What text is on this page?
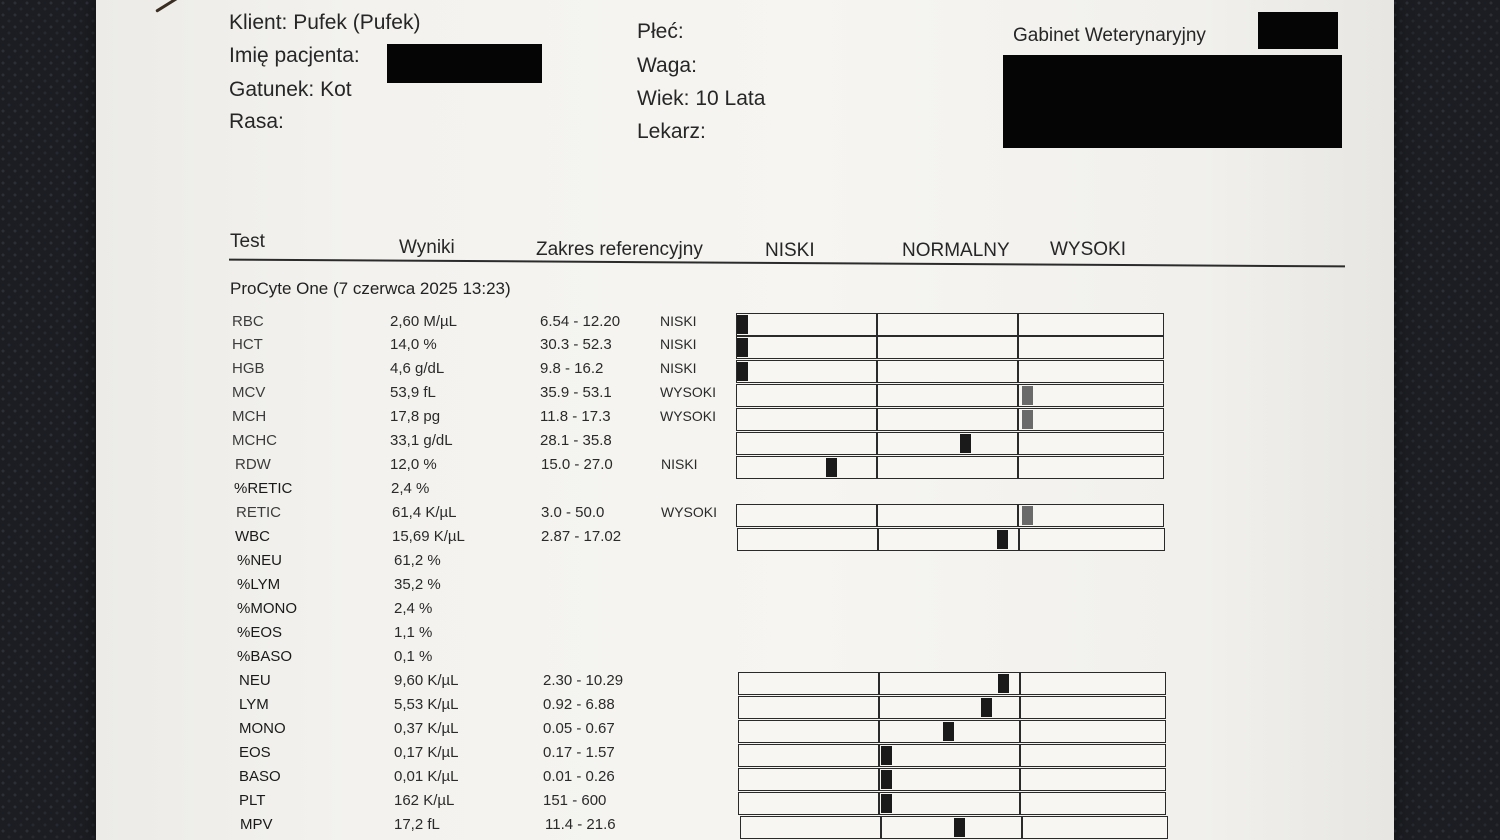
Klient: Pufek (Pufek)
Imię pacjenta:
Gatunek: Kot
Rasa:
Płeć:
Waga:
Wiek: 10 Lata
Lekarz:
Gabinet Weterynaryjny
Test	Wyniki	Zakres referencyjny	NISKI	NORMALNY WYSOKI
ProCyte One (7 czerwca 2025 13:23)
RBC	2,60 M/µL	6.54 - 12.20	NISKI
HCT	14,0 %	30.3 - 52.3	NISKI
HGB	4,6 g/dL	9.8 - 16.2	NISKI
MCV	53,9 fL	35.9 - 53.1	WYSOKI
MCH	17,8 pg	11.8 - 17.3	WYSOKI
MCHC	33,1 g/dL	28.1 - 35.8
RDW	12,0 %	15.0 - 27.0	NISKI
%RETIC	2,4 %
RETIC	61,4 K/µL	3.0 - 50.0	WYSOKI
WBC	15,69 K/µL	2.87 - 17.02
%NEU	61,2 %
%LYM	35,2 %
%MONO	2,4 %
%EOS	1,1 %
%BASO	0,1 %
NEU	9,60 K/µL	2.30 - 10.29
LYM	5,53 K/µL	0.92 - 6.88
MONO	0,37 K/µL	0.05 - 0.67
EOS	0,17 K/µL	0.17 - 1.57
BASO	0,01 K/µL	0.01 - 0.26
PLT	162 K/µL	151 - 600
MPV	17,2 fL	11.4 - 21.6
